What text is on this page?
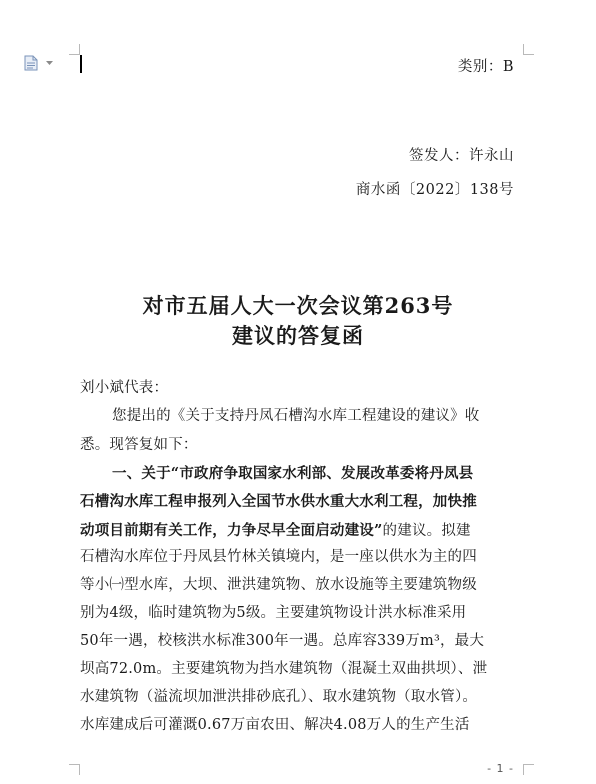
类别：B
签发人：许永山
商水函〔2022〕138号
对市五届人大一次会议第263号
建议的答复函
刘小斌代表：
您提出的《关于支持丹凤石槽沟水库工程建设的建议》收
悉。现答复如下：
一、关于“市政府争取国家水利部、发展改革委将丹凤县
石槽沟水库工程申报列入全国节水供水重大水利工程，加快推
动项目前期有关工作，力争尽早全面启动建设”的建议。拟建
石槽沟水库位于丹凤县竹林关镇境内，是一座以供水为主的四
等小㈠型水库，大坝、泄洪建筑物、放水设施等主要建筑物级
别为4级，临时建筑物为5级。主要建筑物设计洪水标准采用
50年一遇，校核洪水标准300年一遇。总库容339万m³，最大
坝高72.0m。主要建筑物为挡水建筑物（混凝土双曲拱坝）、泄
水建筑物（溢流坝加泄洪排砂底孔）、取水建筑物（取水管）。
水库建成后可灌溉0.67万亩农田、解决4.08万人的生产生活
- 1 -
